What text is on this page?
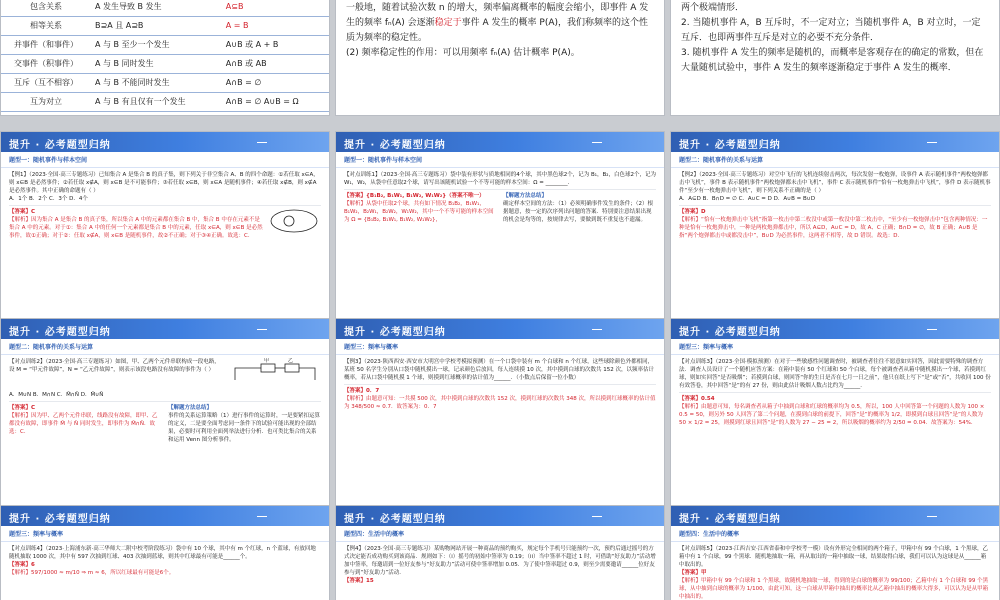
包含关系	A 发生导致 B 发生	A⊆B
相等关系	B⊇A 且 A⊇B	A = B
并事件（和事件）	A 与 B 至少一个发生	A∪B 或 A + B
交事件（积事件）	A 与 B 同时发生	A∩B 或 AB
互斥（互不相容）	A 与 B 不能同时发生	A∩B = ∅
互为对立	A 与 B 有且仅有一个发生	A∩B = ∅ A∪B = Ω
一般地，随着试验次数 n 的增大，频率偏离概率的幅度会缩小，即事件 A 发生的频率 fₙ(A) 会逐渐稳定于事件 A 发生的概率 P(A)，我们称频率的这个性质为频率的稳定性。
(2) 频率稳定性的作用：可以用频率 fₙ(A) 估计概率 P(A)。
两个极端情形．
2. 当随机事件 A，B 互斥时，不一定对立；当随机事件 A，B 对立时，一定互斥．也即两事件互斥是对立的必要不充分条件．
3. 随机事件 A 发生的频率是随机的，而概率是客观存在的确定的常数，但在大量随机试验中，事件 A 发生的频率逐渐稳定于事件 A 发生的概率．
提升 · 必考题型归纳
题型一：随机事件与样本空间
【例1】（2023·全国·高三专题练习）已知集合 A 是集合 B 的真子集，则下列关于非空集合 A、B 的四个命题：①若任取 x∈A，则 x∈B 是必然事件；②若任取 x∉A，则 x∈B 是不可能事件；③若任取 x∈B，则 x∈A 是随机事件；④若任取 x∉B，则 x∉A 是必然事件。其中正确的命题有（ ）
A．1个 B．2个 C．3个 D．4个
【答案】C
【解析】因为集合 A 是集合 B 的真子集，所以集合 A 中的元素都在集合 B 中，集合 B 中存在元素不是集合 A 中的元素。对于①：集合 A 中的任何一个元素都是集合 B 中的元素，任取 x∈A，则 x∈B 是必然事件，故①正确；对于②：任取 x∉A，则 x∈B 是随机事件，故②不正确；对于③④正确。故选：C．
提升 · 必考题型归纳
题型一：随机事件与样本空间
【对点训练1】（2023·全国·高三专题练习）袋中装有形状与质地相同的4个球，其中黑色球2个，记为 B₁，B₂，白色球2个，记为 W₁，W₂，从袋中任意取2个球，请写出该随机试验一个不等可能的样本空间：Ω = ________．
【答案】{B₁B₂, B₁W₁, B₁W₂, W₁W₂}（答案不唯一）
【解析】从袋中任取2个球，共有如下情况 B₁B₂，B₁W₁，B₁W₂，B₂W₁，B₂W₂，W₁W₂，其中一个不等可能的样本空间为 Ω = {B₁B₂, B₁W₁, B₁W₂, W₁W₂}，
【解题方法总结】
确定样本空间的方法：（1）必须明确事件发生的条件；（2）根据题意，按一定的次序列出问题的答案．特别要注意结果出现的机会是均等的，按规律去写，要做到既不重复也不遗漏。
提升 · 必考题型归纳
题型二：随机事件的关系与运算
【例2】（2023·全国·高三专题练习）对空中飞行的飞机连续射击两次，每次发射一枚炮弹，设事件 A 表示随机事件“两枚炮弹都击中飞机”，事件 B 表示随机事件“两枚炮弹都未击中飞机”，事件 C 表示随机事件“恰有一枚炮弹击中飞机”，事件 D 表示随机事件“至少有一枚炮弹击中飞机”，则下列关系不正确的是（ ）
A．A⊆D B．B∩D = ∅ C．A∪C = D D．A∪B = B∪D
【答案】D
【解析】“恰有一枚炮弹击中飞机”指第一枚击中第二枚没中或第一枚没中第二枚击中，“至少有一枚炮弹击中”包含两种情况：一种是恰有一枚炮弹击中，一种是两枚炮弹都击中，所以 A⊆D，A∪C = D，故 A、C 正确；B∩D = ∅，故 B 正确；A∪B 是指“两个炮弹都击中或都没击中”，B∪D 为必然事件，这两者不相等，故 D 错误。故选：D．
提升 · 必考题型归纳
题型二：随机事件的关系与运算
【对点训练2】（2023·全国·高三专题练习）如图，甲、乙两个元件串联构成一段电路，设 M = “甲元件故障”，N = “乙元件故障”，则表示该段电路没有故障的事件为（ ）
甲	乙
A．M∪N B．M∩N C．M̄∩N̄ D．M̄∪N̄
【答案】C
【解析】因为甲、乙两个元件串联，线路没有故障，即甲、乙都没有故障，即事件 M̄ 与 N̄ 同时发生，即事件为 M̄∩N̄．故选：C．
【解题方法总结】
事件的关系运算策略（1）进行事件的运算时，一是要紧扣运算的定义，二是要全面考虑同一条件下的试验可能出现的全部结果，必要时可利用全面列举法进行分析．也可类比集合的关系和运用 Venn 图分析事件。
提升 · 必考题型归纳
题型三：频率与概率
【例3】（2023·陕西西安·西安市大明宫中学校考模拟预测）在一个口袋中装有 m 个白球和 n 个红球，这些球除颜色外都相同，某班 50 名学生分别从口袋中随机摸出一球，记录颜色后放回，每人连续摸 10 次，其中摸到白球的次数共 152 次，以频率估计概率，若从口袋中随机摸 1 个球，则摸到红球概率的估计值为______．（小数点后保留一位小数）
【答案】0．7
【解析】由题意可知：一共摸 500 次，其中摸到白球的次数共 152 次，摸到红球的次数共 348 次，所以摸到红球概率的估计值为 348/500 ≈ 0.7．故答案为：0．7
提升 · 必考题型归纳
题型三：频率与概率
【对点训练3】（2023·全国·模拟预测）在对于一些敏感性问题调查时，被调查者往往不愿意如实回答，因此需要特殊的调查方法．调查人员设计了一个随机应答方案：在箱中装有 50 个红球和 50 个白球，每个被调查者从箱中随机摸出一个球，若摸到红球，则如实回答“是否吸烟”；若摸到白球，则回答“你的生日是否在七月一日之前”，他只在纸上写下“是”或“否”，共收回 100 份有效答卷，其中回答“是”的有 27 份，则由此估计吸烟人数占比约为______．
【答案】0.54
【解析】由题意可知，每名调查者从箱子中抽到白球和红球的概率均为 0.5，所以，100 人中回答第一个问题的人数为 100 × 0.5 = 50，则另外 50 人回答了第二个问题，在摸到白球的前提下，回答“是”的概率为 1/2，即摸到白球且回答“是”的人数为 50 × 1/2 = 25，则摸到红球且回答“是”的人数为 27 − 25 = 2，所以吸烟的概率约为 2/50 = 0.04．故答案为：54%．
提升 · 必考题型归纳
题型三：频率与概率
【对点训练4】（2023·上海浦东新·高三华师大二附中校考阶段练习）袋中有 10 个球，其中有 m 个红球，n 个蓝球，有放回地随机抽取 1000 次，其中有 597 次抽到红球、403 次抽到蓝球，则其中红球最有可能是______个。
【答案】6
【解析】597/1000 ≈ m/10 ⇒ m ≈ 6，所以红球最有可能是6个。
提升 · 必考题型归纳
题型四：生活中的概率
【例4】（2023·全国·高三专题练习）某购物网站开展一种商品的预约购买，规定每个手机号只能预约一次，预约后通过摇号的方式决定能否成功购买到该商品．规则如下：（i）摇号的初始中签率为 0.19；（ii）当中签率不超过 1 时，可借助“好友助力”活动增加中签率，每邀请到一位好友参与“好友助力”活动可使中签率增加 0.05．为了使中签率超过 0.9，则至少需要邀请______位好友参与到“好友助力”活动．
【答案】15
提升 · 必考题型归纳
题型四：生活中的概率
【对点训练5】（2023·江西吉安·江西省泰和中学校考一模）设有外形完全相同的两个箱子，甲箱中有 99 个白球，1 个黑球，乙箱中有 1 个白球，99 个黑球．随机地抽取一箱，再从取出的一箱中抽取一球，结果取得白球，我们可以认为这球是从______箱中取出的。
【答案】甲
【解析】甲箱中有 99 个白球和 1 个黑球，故随机地抽取一球，得到的是白球的概率为 99/100；乙箱中有 1 个白球和 99 个黑球，从中抽到白球的概率为 1/100，由此可知，这一白球从甲箱中抽出的概率比从乙箱中抽出的概率大得多，可以认为是从甲箱中抽出的。
